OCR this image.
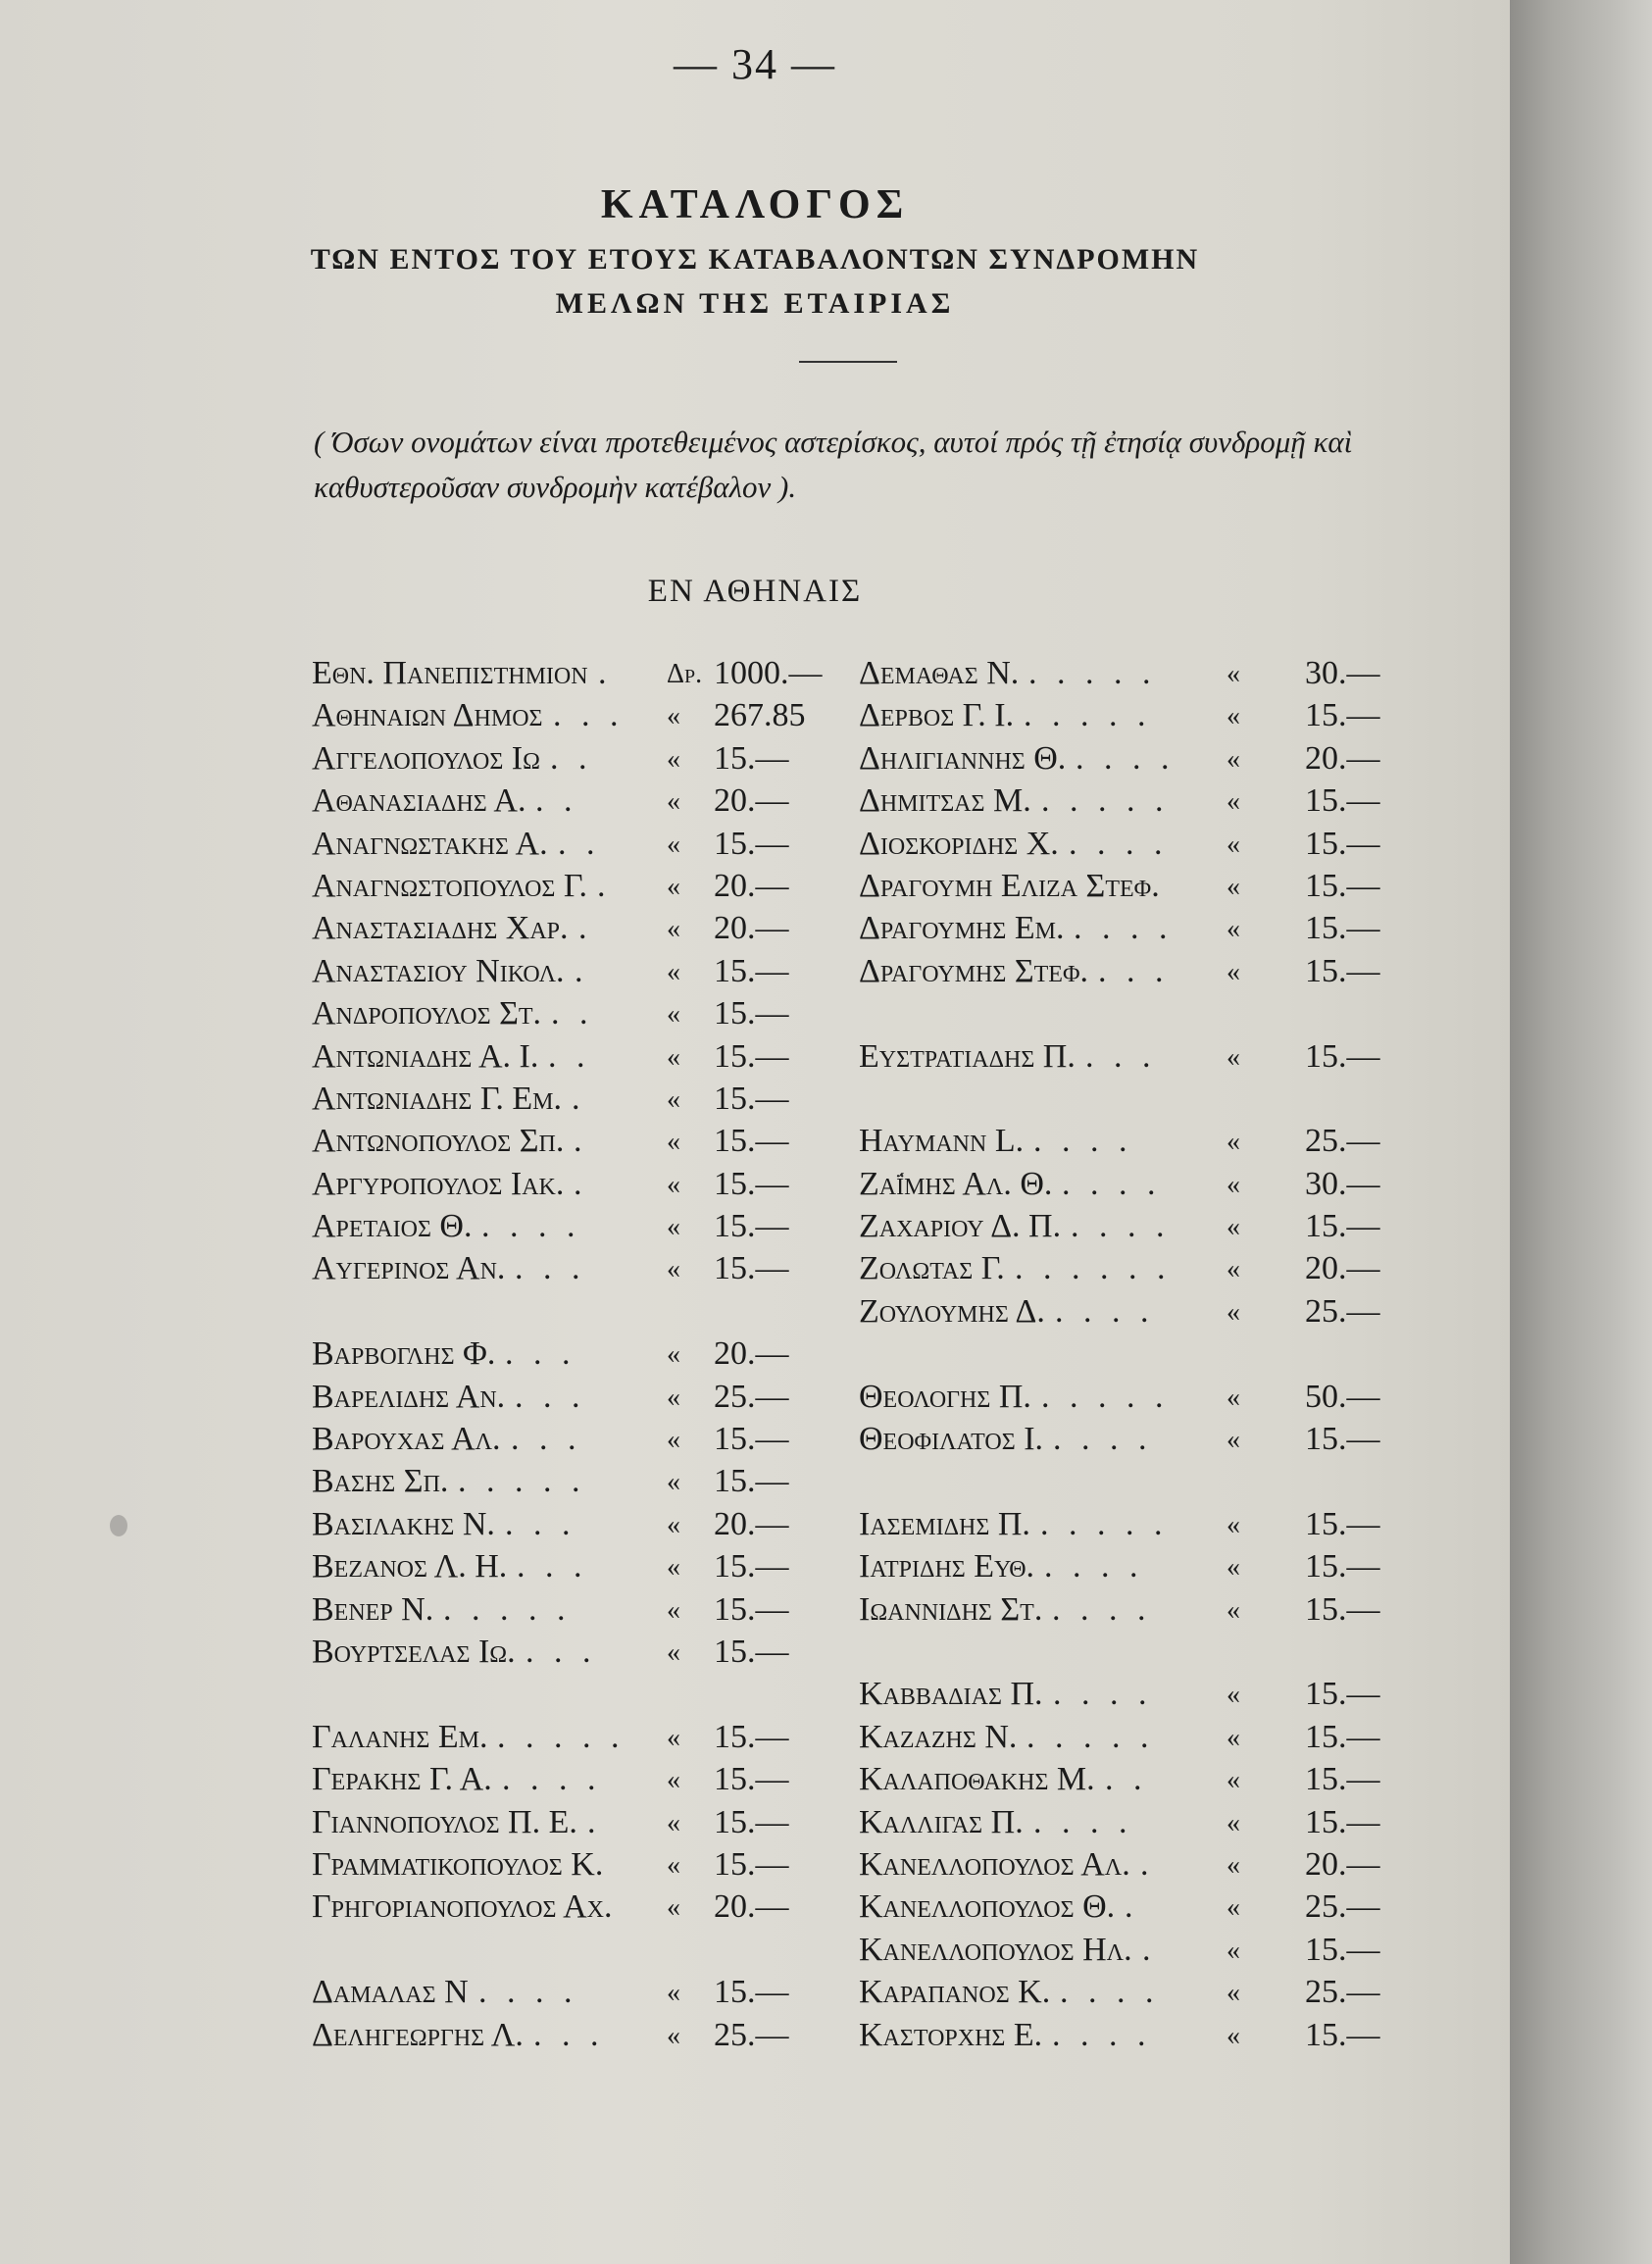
— 34 —
ΚΑΤΑΛΟΓΟΣ
ΤΩΝ ΕΝΤΟΣ ΤΟΥ ΕΤΟΥΣ ΚΑΤΑΒΑΛΟΝΤΩΝ ΣΥΝΔΡΟΜΗΝ
ΜΕΛΩΝ ΤΗΣ ΕΤΑΙΡΙΑΣ
( Όσων ονομάτων είναι προτεθειμένος αστερίσκος, αυτοί πρός τῇ ἐτησίᾳ συνδρομῇ καὶ καθυστεροῦσαν συνδρομὴν κατέβαλον ).
ΕΝ ΑΘΗΝΑΙΣ
Εθν. Πανεπιστημιον . Δρ. 1000.—
Αθηναιων Δημος . . . « 267.85
Αγγελοπουλος Ιω . .	« 15.—
Αθανασιαδης Α. . .	« 20.—
Αναγνωστακης Α. . . « 15.—
Αναγνωστοπουλος Γ. . « 20.—
Αναστασιαδης Χαρ. .	« 20.—
Αναστασιου Νικολ. .	« 15.—
Ανδροπουλος Στ. . .	« 15.—
Αντωνιαδης Α. Ι. . .	« 15.—
Αντωνιαδης Γ. Εμ. .	« 15.—
Αντωνοπουλος Σπ. .	« 15.—
Αργυροπουλος Ιακ. .	« 15.—
Αρεταιος Θ. . . . .	« 15.—
Αυγερινος Αν. . . .	« 15.—
Βαρβογλης Φ. . . .	« 20.—
Βαρελιδης Αν. . . .	« 25.—
Βαρουχας Αλ. . . .	« 15.—
Βασης Σπ. . . . . .	« 15.—
Βασιλακης Ν. . . .	« 20.—
Βεζανος Λ. Η. . . .	« 15.—
Βενερ Ν. . . . . .	« 15.—
Βουρτσελας Ιω. . . .	« 15.—
Γαλανης Εμ. . . . . . « 15.—
Γερακης Γ. Α. . . . . « 15.—
Γιαννοπουλος Π. Ε. . « 15.—
Γραμματικοπουλος Κ. « 15.—
Γρηγοριανοπουλος Αχ. « 20.—
Δαμαλας Ν . . . .	« 15.—
Δεληγεωργης Λ. . . . « 25.—
Δεμαθας Ν. . . . . .	« 30.—
Δερβος Γ. Ι. . . . . .	« 15.—
Δηλιγιαννης Θ. . . . . « 20.—
Δημιτσας Μ. . . . . . « 15.—
Διοσκοριδης Χ. . . . . « 15.—
Δραγουμη Ελιζα Στεφ. « 15.—
Δραγουμης Εμ. . . . . « 15.—
Δραγουμης Στεφ. . . . « 15.—
Ευστρατιαδης Π. . . .	« 15.—
Haymann L. . . . .	« 25.—
Ζαΐμης Αλ. Θ. . . . . « 30.—
Ζαχαριου Δ. Π. . . . . « 15.—
Ζολωτας Γ. . . . . . . « 20.—
Ζουλουμης Δ. . . . .	« 25.—
Θεολογης Π. . . . . . « 50.—
Θεοφιλατος Ι. . . . .	« 15.—
Ιασεμιδης Π. . . . . . « 15.—
Ιατριδης Ευθ. . . . .	« 15.—
Ιωαννιδης Στ. . . . .	« 15.—
Καββαδιας Π. . . . .	« 15.—
Καζαζης Ν. . . . . .	« 15.—
Καλαποθακης Μ. . .	« 15.—
Καλλιγας Π. . . . .	« 15.—
Κανελλοπουλος Αλ. .	« 20.—
Κανελλοπουλος Θ. .	« 25.—
Κανελλοπουλος Ηλ. .	« 15.—
Καραπανος Κ. . . . . « 25.—
Καστορχης Ε. . . . .	« 15.—
